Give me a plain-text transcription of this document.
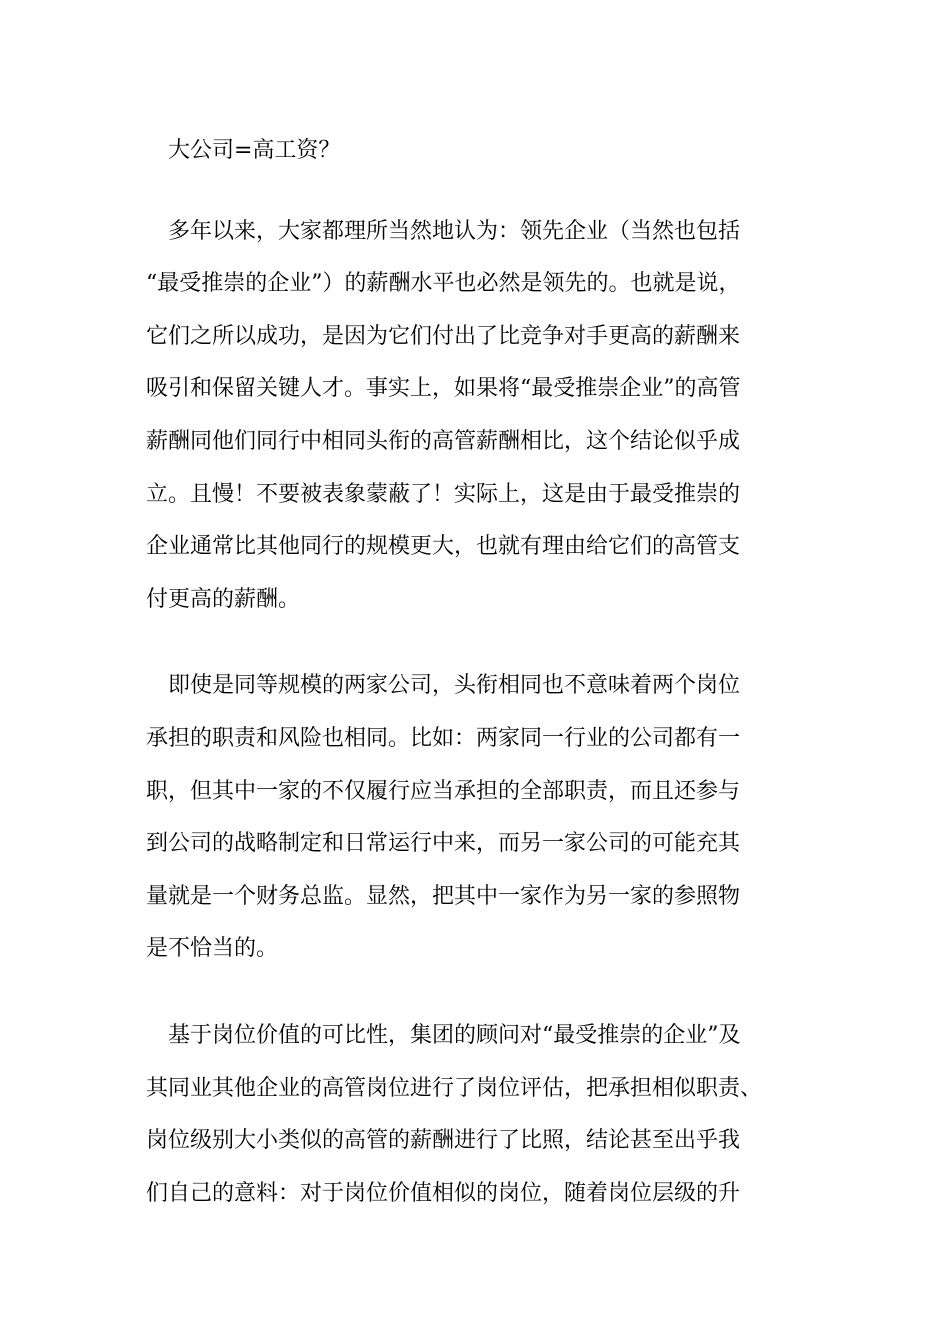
大公司=高工资？
多年以来，大家都理所当然地认为：领先企业（当然也包括
“最受推崇的企业”）的薪酬水平也必然是领先的。也就是说，
它们之所以成功，是因为它们付出了比竞争对手更高的薪酬来
吸引和保留关键人才。事实上，如果将“最受推崇企业”的高管
薪酬同他们同行中相同头衔的高管薪酬相比，这个结论似乎成
立。且慢！不要被表象蒙蔽了！实际上，这是由于最受推崇的
企业通常比其他同行的规模更大，也就有理由给它们的高管支
付更高的薪酬。
即使是同等规模的两家公司，头衔相同也不意味着两个岗位
承担的职责和风险也相同。比如：两家同一行业的公司都有一
职，但其中一家的不仅履行应当承担的全部职责，而且还参与
到公司的战略制定和日常运行中来，而另一家公司的可能充其
量就是一个财务总监。显然，把其中一家作为另一家的参照物
是不恰当的。
基于岗位价值的可比性，集团的顾问对“最受推崇的企业”及
其同业其他企业的高管岗位进行了岗位评估，把承担相似职责、
岗位级别大小类似的高管的薪酬进行了比照，结论甚至出乎我
们自己的意料：对于岗位价值相似的岗位，随着岗位层级的升
